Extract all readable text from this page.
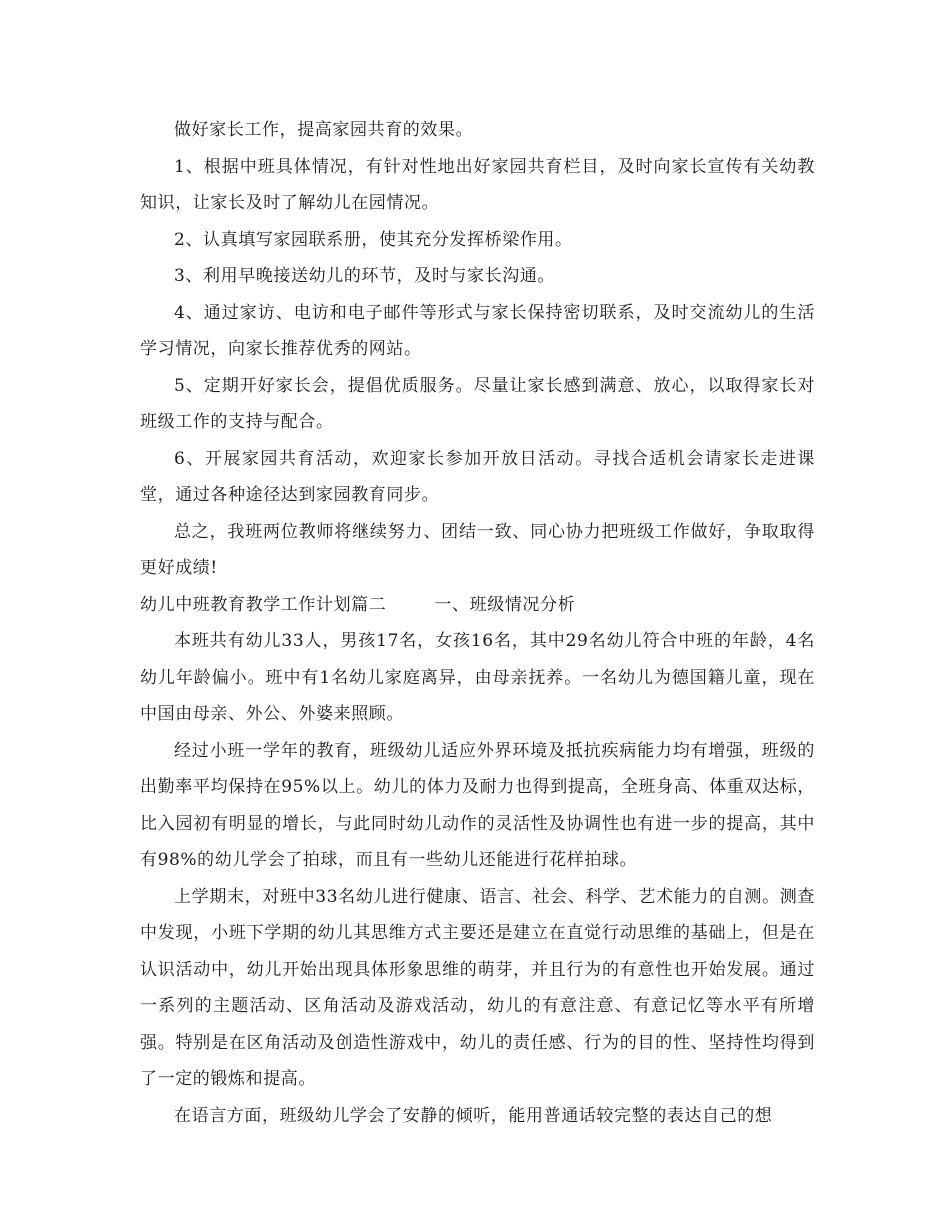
做好家长工作，提高家园共育的效果。

1、根据中班具体情况，有针对性地出好家园共育栏目，及时向家长宣传有关幼教知识，让家长及时了解幼儿在园情况。

2、认真填写家园联系册，使其充分发挥桥梁作用。

3、利用早晚接送幼儿的环节，及时与家长沟通。

4、通过家访、电访和电子邮件等形式与家长保持密切联系，及时交流幼儿的生活学习情况，向家长推荐优秀的网站。

5、定期开好家长会，提倡优质服务。尽量让家长感到满意、放心，以取得家长对班级工作的支持与配合。

6、开展家园共育活动，欢迎家长参加开放日活动。寻找合适机会请家长走进课堂，通过各种途径达到家园教育同步。

总之，我班两位教师将继续努力、团结一致、同心协力把班级工作做好，争取取得更好成绩!

幼儿中班教育教学工作计划篇二	一、班级情况分析

本班共有幼儿33人，男孩17名，女孩16名，其中29名幼儿符合中班的年龄，4名幼儿年龄偏小。班中有1名幼儿家庭离异，由母亲抚养。一名幼儿为德国籍儿童，现在中国由母亲、外公、外婆来照顾。

经过小班一学年的教育，班级幼儿适应外界环境及抵抗疾病能力均有增强，班级的出勤率平均保持在95%以上。幼儿的体力及耐力也得到提高，全班身高、体重双达标，比入园初有明显的增长，与此同时幼儿动作的灵活性及协调性也有进一步的提高，其中有98%的幼儿学会了拍球，而且有一些幼儿还能进行花样拍球。

上学期末，对班中33名幼儿进行健康、语言、社会、科学、艺术能力的自测。测查中发现，小班下学期的幼儿其思维方式主要还是建立在直觉行动思维的基础上，但是在认识活动中，幼儿开始出现具体形象思维的萌芽，并且行为的有意性也开始发展。通过一系列的主题活动、区角活动及游戏活动，幼儿的有意注意、有意记忆等水平有所增强。特别是在区角活动及创造性游戏中，幼儿的责任感、行为的目的性、坚持性均得到了一定的锻炼和提高。

在语言方面，班级幼儿学会了安静的倾听，能用普通话较完整的表达自己的想
